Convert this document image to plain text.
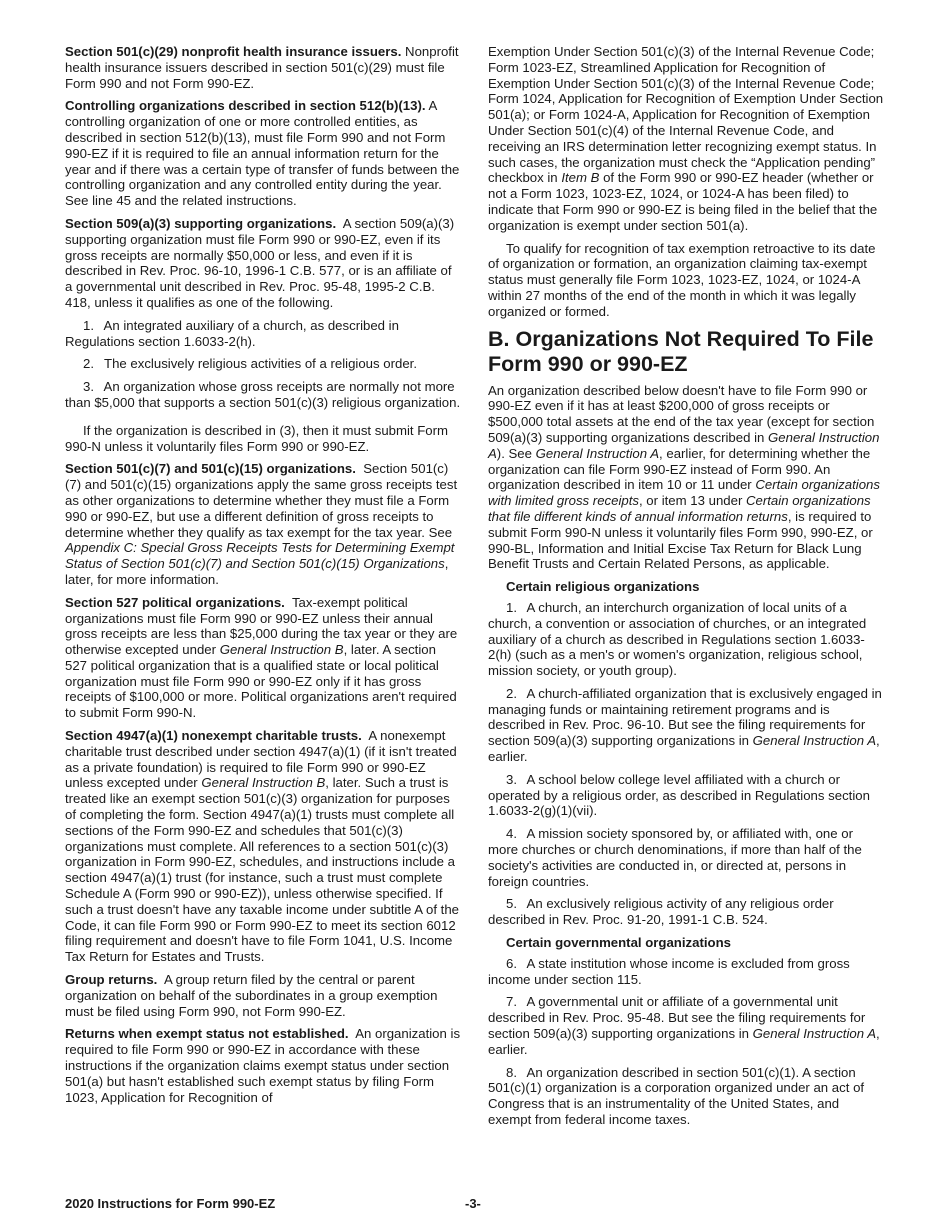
Section 501(c)(29) nonprofit health insurance issuers. Nonprofit health insurance issuers described in section 501(c)(29) must file Form 990 and not Form 990-EZ.

Controlling organizations described in section 512(b)(13). A controlling organization of one or more controlled entities, as described in section 512(b)(13), must file Form 990 and not Form 990-EZ if it is required to file an annual information return for the year and if there was a certain type of transfer of funds between the controlling organization and any controlled entity during the year. See line 45 and the related instructions.

Section 509(a)(3) supporting organizations. A section 509(a)(3) supporting organization must file Form 990 or 990-EZ, even if its gross receipts are normally $50,000 or less, and even if it is described in Rev. Proc. 96-10, 1996-1 C.B. 577, or is an affiliate of a governmental unit described in Rev. Proc. 95-48, 1995-2 C.B. 418, unless it qualifies as one of the following.

1.  An integrated auxiliary of a church, as described in Regulations section 1.6033-2(h).

2.  The exclusively religious activities of a religious order.

3.  An organization whose gross receipts are normally not more than $5,000 that supports a section 501(c)(3) religious organization.

If the organization is described in (3), then it must submit Form 990-N unless it voluntarily files Form 990 or 990-EZ.

Section 501(c)(7) and 501(c)(15) organizations. Section 501(c)(7) and 501(c)(15) organizations apply the same gross receipts test as other organizations to determine whether they must file a Form 990 or 990-EZ, but use a different definition of gross receipts to determine whether they qualify as tax exempt for the tax year. See Appendix C: Special Gross Receipts Tests for Determining Exempt Status of Section 501(c)(7) and Section 501(c)(15) Organizations, later, for more information.

Section 527 political organizations. Tax-exempt political organizations must file Form 990 or 990-EZ unless their annual gross receipts are less than $25,000 during the tax year or they are otherwise excepted under General Instruction B, later. A section 527 political organization that is a qualified state or local political organization must file Form 990 or 990-EZ only if it has gross receipts of $100,000 or more. Political organizations aren't required to submit Form 990-N.

Section 4947(a)(1) nonexempt charitable trusts. A nonexempt charitable trust described under section 4947(a)(1) (if it isn't treated as a private foundation) is required to file Form 990 or 990-EZ unless excepted under General Instruction B, later. Such a trust is treated like an exempt section 501(c)(3) organization for purposes of completing the form. Section 4947(a)(1) trusts must complete all sections of the Form 990-EZ and schedules that 501(c)(3) organizations must complete. All references to a section 501(c)(3) organization in Form 990-EZ, schedules, and instructions include a section 4947(a)(1) trust (for instance, such a trust must complete Schedule A (Form 990 or 990-EZ)), unless otherwise specified. If such a trust doesn't have any taxable income under subtitle A of the Code, it can file Form 990 or Form 990-EZ to meet its section 6012 filing requirement and doesn't have to file Form 1041, U.S. Income Tax Return for Estates and Trusts.

Group returns. A group return filed by the central or parent organization on behalf of the subordinates in a group exemption must be filed using Form 990, not Form 990-EZ.

Returns when exempt status not established. An organization is required to file Form 990 or 990-EZ in accordance with these instructions if the organization claims exempt status under section 501(a) but hasn't established such exempt status by filing Form 1023, Application for Recognition of

Exemption Under Section 501(c)(3) of the Internal Revenue Code; Form 1023-EZ, Streamlined Application for Recognition of Exemption Under Section 501(c)(3) of the Internal Revenue Code; Form 1024, Application for Recognition of Exemption Under Section 501(a); or Form 1024-A, Application for Recognition of Exemption Under Section 501(c)(4) of the Internal Revenue Code, and receiving an IRS determination letter recognizing exempt status. In such cases, the organization must check the “Application pending” checkbox in Item B of the Form 990 or 990-EZ header (whether or not a Form 1023, 1023-EZ, 1024, or 1024-A has been filed) to indicate that Form 990 or 990-EZ is being filed in the belief that the organization is exempt under section 501(a).

To qualify for recognition of tax exemption retroactive to its date of organization or formation, an organization claiming tax-exempt status must generally file Form 1023, 1023-EZ, 1024, or 1024-A within 27 months of the end of the month in which it was legally organized or formed.

B. Organizations Not Required To File Form 990 or 990-EZ

An organization described below doesn't have to file Form 990 or 990-EZ even if it has at least $200,000 of gross receipts or $500,000 total assets at the end of the tax year (except for section 509(a)(3) supporting organizations described in General Instruction A). See General Instruction A, earlier, for determining whether the organization can file Form 990-EZ instead of Form 990. An organization described in item 10 or 11 under Certain organizations with limited gross receipts, or item 13 under Certain organizations that file different kinds of annual information returns, is required to submit Form 990-N unless it voluntarily files Form 990, 990-EZ, or 990-BL, Information and Initial Excise Tax Return for Black Lung Benefit Trusts and Certain Related Persons, as applicable.

Certain religious organizations

1.  A church, an interchurch organization of local units of a church, a convention or association of churches, or an integrated auxiliary of a church as described in Regulations section 1.6033-2(h) (such as a men's or women's organization, religious school, mission society, or youth group).

2.  A church-affiliated organization that is exclusively engaged in managing funds or maintaining retirement programs and is described in Rev. Proc. 96-10. But see the filing requirements for section 509(a)(3) supporting organizations in General Instruction A, earlier.

3.  A school below college level affiliated with a church or operated by a religious order, as described in Regulations section 1.6033-2(g)(1)(vii).

4.  A mission society sponsored by, or affiliated with, one or more churches or church denominations, if more than half of the society's activities are conducted in, or directed at, persons in foreign countries.

5.  An exclusively religious activity of any religious order described in Rev. Proc. 91-20, 1991-1 C.B. 524.

Certain governmental organizations

6.  A state institution whose income is excluded from gross income under section 115.

7.  A governmental unit or affiliate of a governmental unit described in Rev. Proc. 95-48. But see the filing requirements for section 509(a)(3) supporting organizations in General Instruction A, earlier.

8.  An organization described in section 501(c)(1). A section 501(c)(1) organization is a corporation organized under an act of Congress that is an instrumentality of the United States, and exempt from federal income taxes.

2020 Instructions for Form 990-EZ	-3-
